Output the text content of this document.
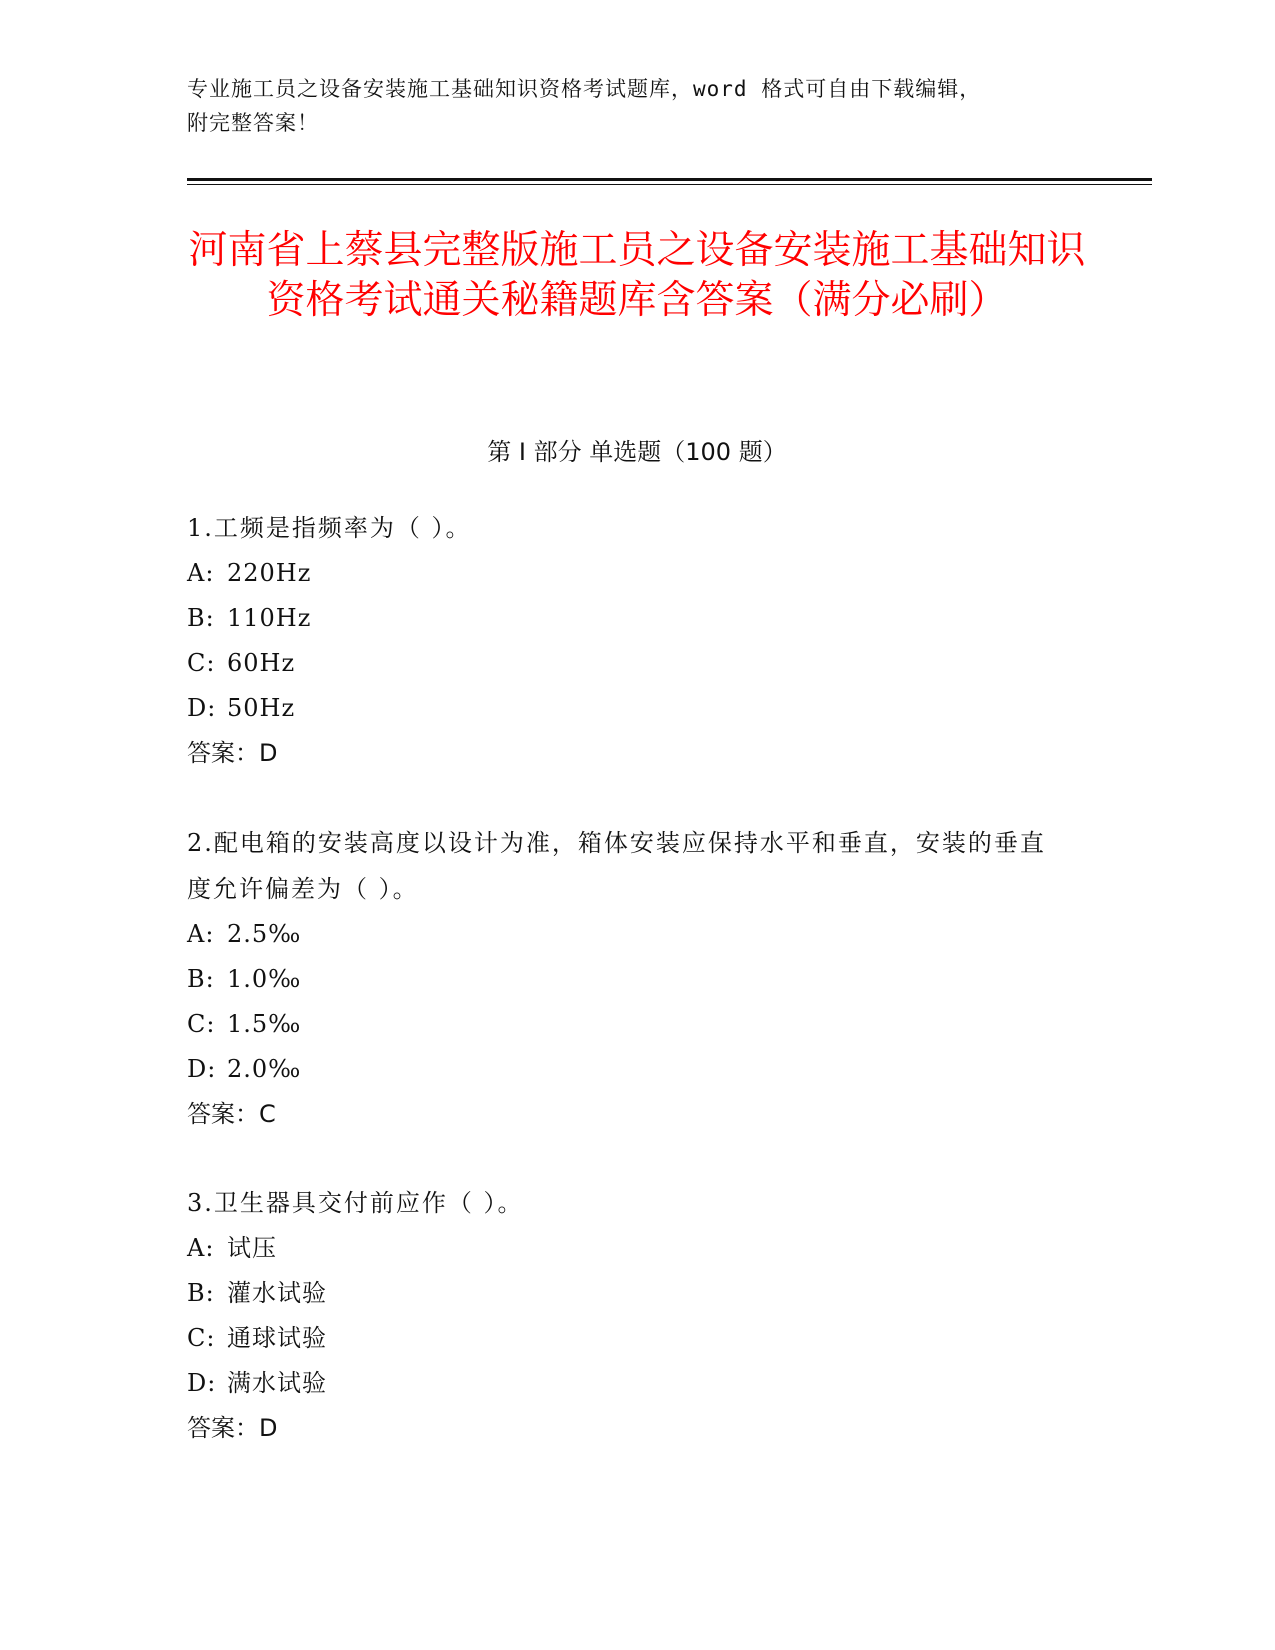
专业施工员之设备安装施工基础知识资格考试题库，word 格式可自由下载编辑，
附完整答案！
河南省上蔡县完整版施工员之设备安装施工基础知识资格考试通关秘籍题库含答案（满分必刷）
第 I 部分 单选题（100 题）
1.工频是指频率为（ ）。
A: 220Hz
B: 110Hz
C: 60Hz
D: 50Hz
答案：D
2.配电箱的安装高度以设计为准，箱体安装应保持水平和垂直，安装的垂直度允许偏差为（ ）。
A: 2.5‰
B: 1.0‰
C: 1.5‰
D: 2.0‰
答案：C
3.卫生器具交付前应作（ ）。
A: 试压
B: 灌水试验
C: 通球试验
D: 满水试验
答案：D
